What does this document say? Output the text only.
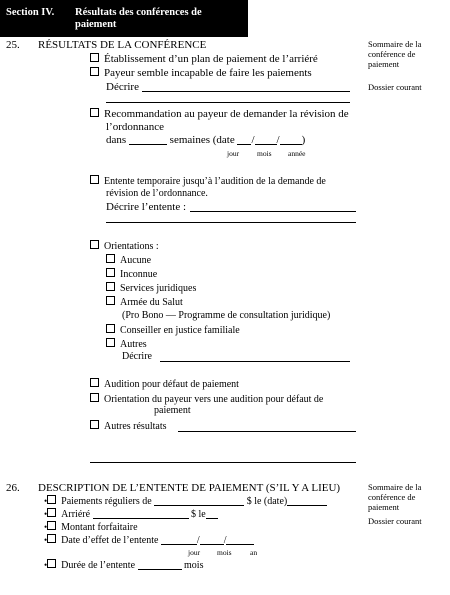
Section IV. Résultats des conférences de paiement
25. RÉSULTATS DE LA CONFÉRENCE	Sommaire de la conférence de paiement
Dossier courant
Établissement d’un plan de paiement de l’arriéré
Payeur semble incapable de faire les paiements
Décrire
Recommandation au payeur de demander la révision de
l’ordonnance
dans	semaines (date / / )
jour mois année
Entente temporaire jusqu’à l’audition de la demande de
révision de l’ordonnance.
Décrire l’entente :
Orientations :
Aucune
Inconnue
Services juridiques
Armée du Salut
(Pro Bono — Programme de consultation juridique)
Conseiller en justice familiale
Autres
Décrire
Audition pour défaut de paiement
Orientation du payeur vers une audition pour défaut de
paiement
Autres résultats
26. DESCRIPTION DE L’ENTENTE DE PAIEMENT (S’IL Y A LIEU)	Sommaire de la conférence de paiement
Dossier courant
• Paiements réguliers de	$ le (date)
• Arriéré	$ le
• Montant forfaitaire
• Date d’effet de l’entente	/ /
jour mois an
• Durée de l’entente	mois
